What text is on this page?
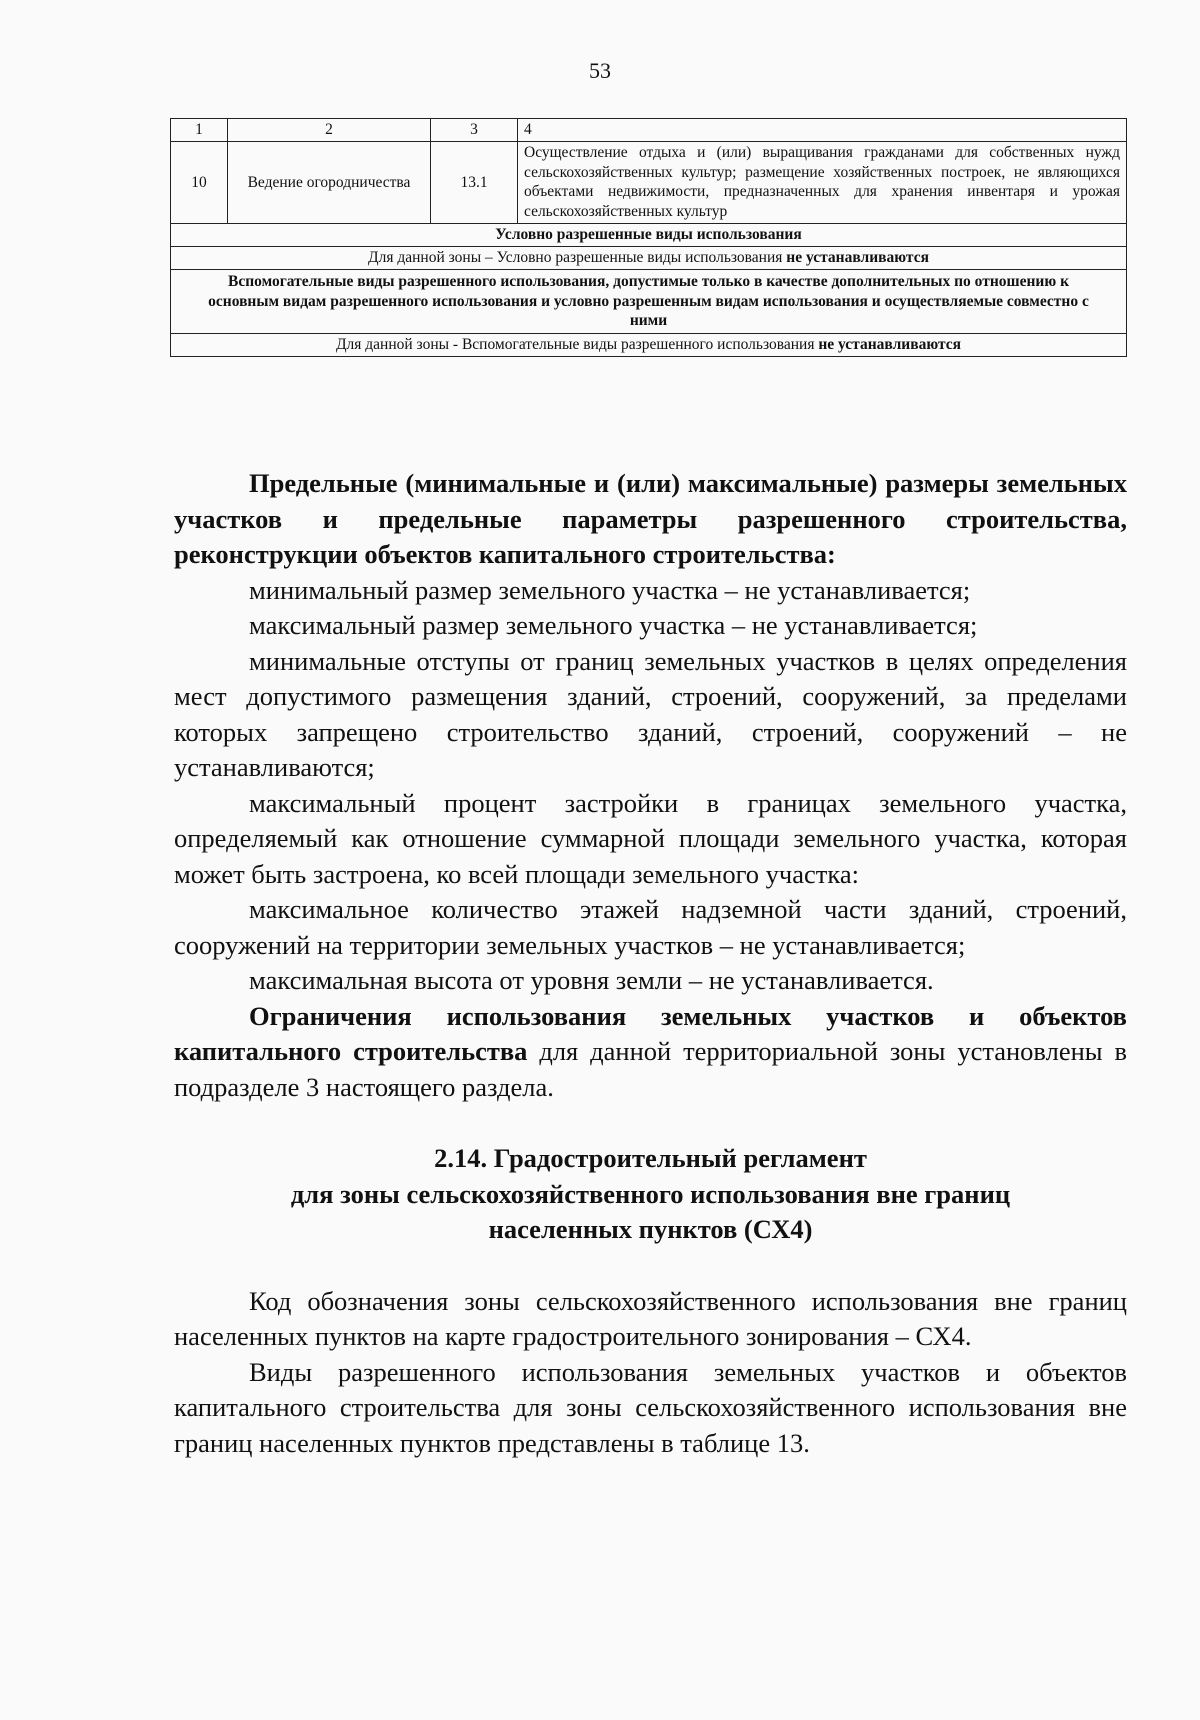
53
1	2	3	4
10	Ведение огородничества	13.1	Осуществление отдыха и (или) выращивания гражданами для собственных нужд сельскохозяйственных культур; размещение хозяйственных построек, не являющихся объектами недвижимости, предназначенных для хранения инвентаря и урожая сельскохозяйственных культур
Условно разрешенные виды использования			
Для данной зоны – Условно разрешенные виды использования не устанавливаются			
Вспомогательные виды разрешенного использования, допустимые только в качестве дополнительных по отношению к основным видам разрешенного использования и условно разрешенным видам использования и осуществляемые совместно с ними			
Для данной зоны - Вспомогательные виды разрешенного использования не устанавливаются			

Предельные (минимальные и (или) максимальные) размеры земельных участков и предельные параметры разрешенного строительства, реконструкции объектов капитального строительства:

минимальный размер земельного участка – не устанавливается;

максимальный размер земельного участка – не устанавливается;

минимальные отступы от границ земельных участков в целях определения мест допустимого размещения зданий, строений, сооружений, за пределами которых запрещено строительство зданий, строений, сооружений – не устанавливаются;

максимальный процент застройки в границах земельного участка, определяемый как отношение суммарной площади земельного участка, которая может быть застроена, ко всей площади земельного участка:

максимальное количество этажей надземной части зданий, строений, сооружений на территории земельных участков – не устанавливается;

максимальная высота от уровня земли – не устанавливается.

Ограничения использования земельных участков и объектов капитального строительства для данной территориальной зоны установлены в подразделе 3 настоящего раздела.

2.14. Градостроительный регламент
для зоны сельскохозяйственного использования вне границ
населенных пунктов (СХ4)

Код обозначения зоны сельскохозяйственного использования вне границ населенных пунктов на карте градостроительного зонирования – СХ4.

Виды разрешенного использования земельных участков и объектов капитального строительства для зоны сельскохозяйственного использования вне границ населенных пунктов представлены в таблице 13.
